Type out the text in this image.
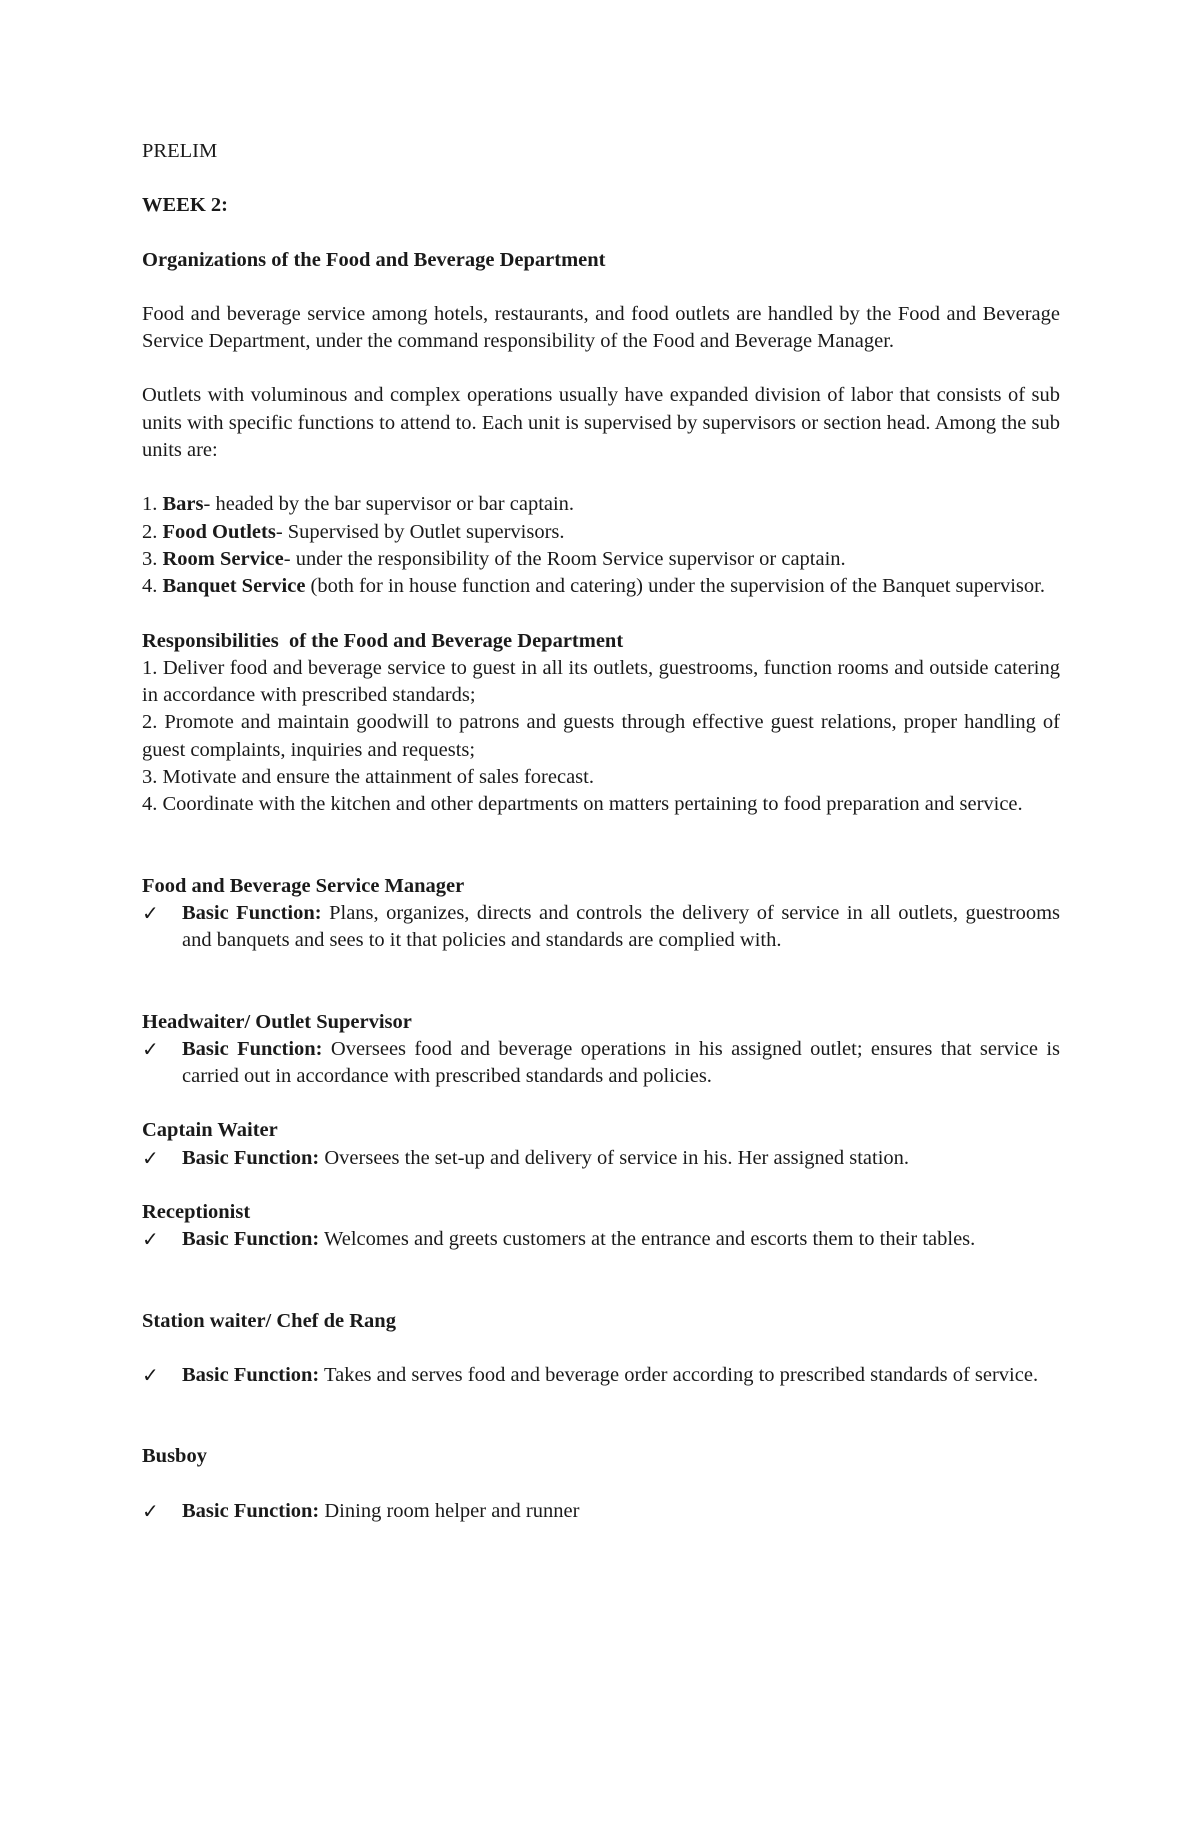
PRELIM

WEEK 2:

Organizations of the Food and Beverage Department

Food and beverage service among hotels, restaurants, and food outlets are handled by the Food and Beverage Service Department, under the command responsibility of the Food and Beverage Manager.

Outlets with voluminous and complex operations usually have expanded division of labor that consists of sub units with specific functions to attend to. Each unit is supervised by supervisors or section head. Among the sub units are:

1. Bars- headed by the bar supervisor or bar captain.

2. Food Outlets- Supervised by Outlet supervisors.

3. Room Service- under the responsibility of the Room Service supervisor or captain.

4. Banquet Service (both for in house function and catering) under the supervision of the Banquet supervisor.

Responsibilities  of the Food and Beverage Department

1. Deliver food and beverage service to guest in all its outlets, guestrooms, function rooms and outside catering in accordance with prescribed standards;

2. Promote and maintain goodwill to patrons and guests through effective guest relations, proper handling of guest complaints, inquiries and requests;

3. Motivate and ensure the attainment of sales forecast.

4. Coordinate with the kitchen and other departments on matters pertaining to food preparation and service.

Food and Beverage Service Manager

✓	Basic Function: Plans, organizes, directs and controls the delivery of service in all outlets, guestrooms and banquets and sees to it that policies and standards are complied with.

Headwaiter/ Outlet Supervisor

✓	Basic Function: Oversees food and beverage operations in his assigned outlet; ensures that service is carried out in accordance with prescribed standards and policies.

Captain Waiter

✓	Basic Function: Oversees the set-up and delivery of service in his. Her assigned station.

Receptionist

✓	Basic Function: Welcomes and greets customers at the entrance and escorts them to their tables.

Station waiter/ Chef de Rang

✓	Basic Function: Takes and serves food and beverage order according to prescribed standards of service.

Busboy

✓	Basic Function: Dining room helper and runner
